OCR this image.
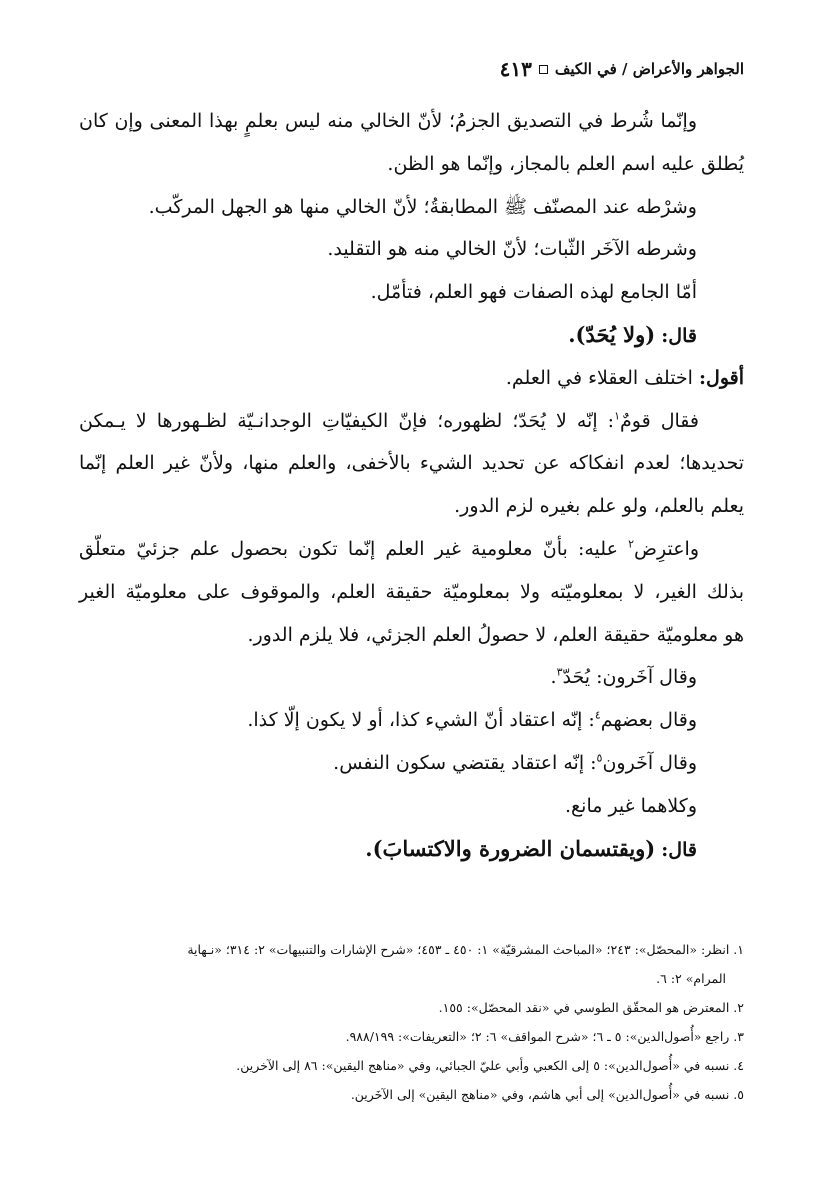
الجواهر والأعراض / في الكيف
٤١٣
وإنّما شُرط في التصديق الجزمُ؛ لأنّ الخالي منه ليس بعلمٍ بهذا المعنى وإن كان
يُطلق عليه اسم العلم بالمجاز، وإنّما هو الظن.
وشرْطه عند المصنّف ﷺ المطابقةُ؛ لأنّ الخالي منها هو الجهل المركّب.
وشرطه الآخَر الثّبات؛ لأنّ الخالي منه هو التقليد.
أمّا الجامع لهذه الصفات فهو العلم، فتأمّل.
قال: (ولا يُحَدّ).
أقول: اختلف العقلاء في العلم.
فقال قومٌ$^١$: إنّه لا يُحَدّ؛ لظهوره؛ فإنّ الكيفيّاتِ الوجدانـيّة لظـهورها لا يـمكن
تحديدها؛ لعدم انفكاكه عن تحديد الشيء بالأخفى، والعلم منها، ولأنّ غير العلم إنّما
يعلم بالعلم، ولو علم بغيره لزم الدور.
واعترِض$^٢$ عليه: بأنّ معلومية غير العلم إنّما تكون بحصول علم جزئيّ متعلّق
بذلك الغير، لا بمعلوميّته ولا بمعلوميّة حقيقة العلم، والموقوف على معلوميّة الغير
هو معلوميّة حقيقة العلم، لا حصولُ العلم الجزئي، فلا يلزم الدور.
وقال آخَرون: يُحَدّ$^٣$.
وقال بعضهم$^٤$: إنّه اعتقاد أنّ الشيء كذا، أو لا يكون إلّا كذا.
وقال آخَرون$^٥$: إنّه اعتقاد يقتضي سكون النفس.
وكلاهما غير مانع.
قال: (ويقتسمان الضرورة والاكتسابَ).
١. انظر: «المحصّل»: ٢٤٣؛ «المباحث المشرقيّة» ١: ٤٥٠ ـ ٤٥٣؛ «شرح الإشارات والتنبيهات» ٢: ٣١٤؛ «نـهاية
المرام» ٢: ٦.
٢. المعترض هو المحقّق الطوسي في «نقد المحصّل»: ١٥٥.
٣. راجع «أُصول‌الدين»: ٥ ـ ٦؛ «شرح المواقف» ٦: ٢؛ «التعريفات»: ٩٨٨/١٩٩.
٤. نسبه في «أُصول‌الدين»: ٥ إلى الكعبي وأبي عليّ الجبائي، وفي «مناهج اليقين»: ٨٦ إلى الآخرين.
٥. نسبه في «أُصول‌الدين» إلى أبي هاشم، وفي «مناهج اليقين» إلى الآخَرين.
